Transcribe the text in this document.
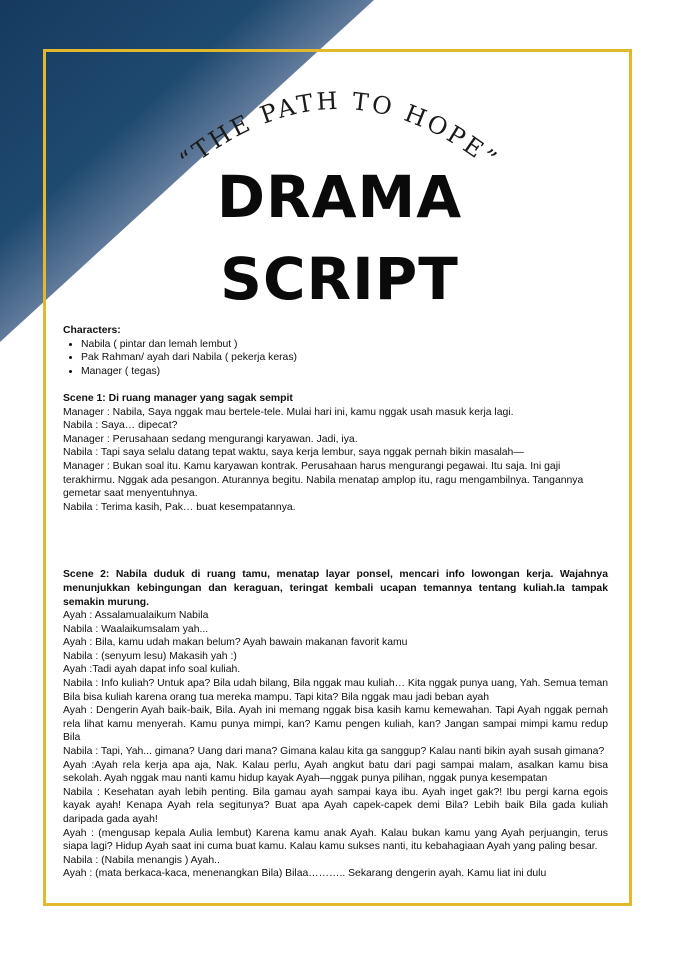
“THE PATH TO HOPE”
DRAMA
SCRIPT

Characters:

• Nabila ( pintar dan lemah lembut )
• Pak Rahman/ ayah dari Nabila ( pekerja keras)
• Manager ( tegas)

Scene 1: Di ruang manager yang sagak sempit

Manager : Nabila, Saya nggak mau bertele-tele. Mulai hari ini, kamu nggak usah masuk kerja lagi.

Nabila : Saya… dipecat?

Manager : Perusahaan sedang mengurangi karyawan. Jadi, iya.

Nabila : Tapi saya selalu datang tepat waktu, saya kerja lembur, saya nggak pernah bikin masalah—

Manager : Bukan soal itu. Kamu karyawan kontrak. Perusahaan harus mengurangi pegawai. Itu saja. Ini gaji terakhirmu. Nggak ada pesangon. Aturannya begitu. Nabila menatap amplop itu, ragu mengambilnya. Tangannya gemetar saat menyentuhnya.

Nabila : Terima kasih, Pak… buat kesempatannya.

Scene 2: Nabila duduk di ruang tamu, menatap layar ponsel, mencari info lowongan kerja. Wajahnya menunjukkan kebingungan dan keraguan, teringat kembali ucapan temannya tentang kuliah.Ia tampak semakin murung.

Ayah : Assalamualaikum Nabila

Nabila : Waalaikumsalam yah...

Ayah : Bila, kamu udah makan belum? Ayah bawain makanan favorit kamu

Nabila : (senyum lesu) Makasih yah :)

Ayah :Tadi ayah dapat info soal kuliah.

Nabila : Info kuliah? Untuk apa? Bila udah bilang, Bila nggak mau kuliah… Kita nggak punya uang, Yah. Semua teman Bila bisa kuliah karena orang tua mereka mampu. Tapi kita? Bila nggak mau jadi beban ayah

Ayah : Dengerin Ayah baik-baik, Bila. Ayah ini memang nggak bisa kasih kamu kemewahan. Tapi Ayah nggak pernah rela lihat kamu menyerah. Kamu punya mimpi, kan? Kamu pengen kuliah, kan? Jangan sampai mimpi kamu redup Bila

Nabila : Tapi, Yah... gimana? Uang dari mana? Gimana kalau kita ga sanggup? Kalau nanti bikin ayah susah gimana?

Ayah :Ayah rela kerja apa aja, Nak. Kalau perlu, Ayah angkut batu dari pagi sampai malam, asalkan kamu bisa sekolah. Ayah nggak mau nanti kamu hidup kayak Ayah—nggak punya pilihan, nggak punya kesempatan

Nabila : Kesehatan ayah lebih penting. Bila gamau ayah sampai kaya ibu. Ayah inget gak?! Ibu pergi karna egois kayak ayah! Kenapa Ayah rela segitunya? Buat apa Ayah capek-capek demi Bila? Lebih baik Bila gada kuliah daripada gada ayah!

Ayah : (mengusap kepala Aulia lembut) Karena kamu anak Ayah. Kalau bukan kamu yang Ayah perjuangin, terus siapa lagi? Hidup Ayah saat ini cuma buat kamu. Kalau kamu sukses nanti, itu kebahagiaan Ayah yang paling besar.

Nabila : (Nabila menangis ) Ayah..

Ayah : (mata berkaca-kaca, menenangkan Bila) Bilaa……….. Sekarang dengerin ayah. Kamu liat ini dulu
